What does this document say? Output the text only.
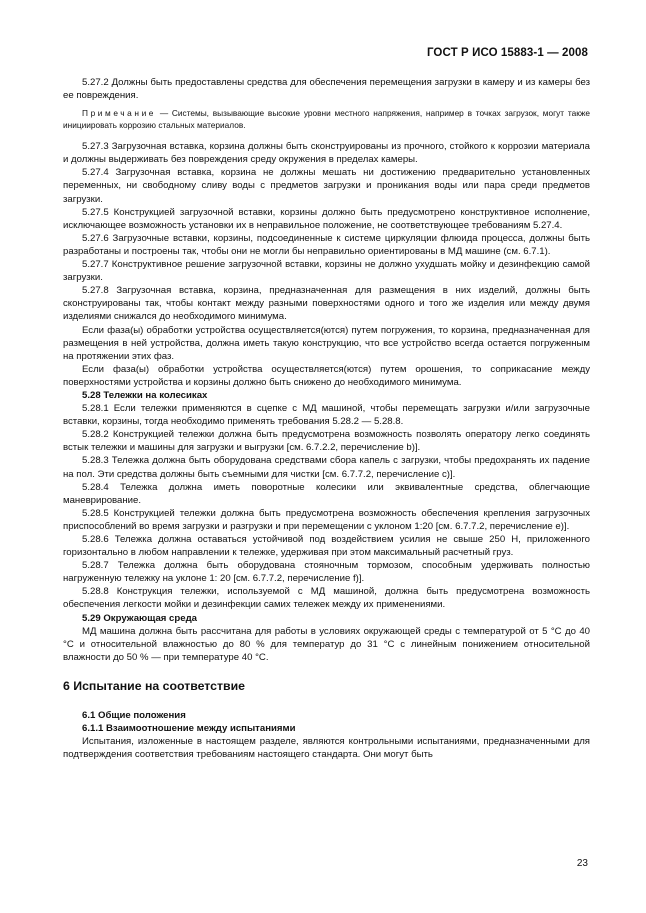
ГОСТ Р ИСО 15883-1 — 2008

5.27.2 Должны быть предоставлены средства для обеспечения перемещения загрузки в камеру и из камеры без ее повреждения.

Примечание — Системы, вызывающие высокие уровни местного напряжения, например в точках загрузок, могут также инициировать коррозию стальных материалов.

5.27.3 Загрузочная вставка, корзина должны быть сконструированы из прочного, стойкого к коррозии материала и должны выдерживать без повреждения среду окружения в пределах камеры.

5.27.4 Загрузочная вставка, корзина не должны мешать ни достижению предварительно установленных переменных, ни свободному сливу воды с предметов загрузки и проникания воды или пара среди предметов загрузки.

5.27.5 Конструкцией загрузочной вставки, корзины должно быть предусмотрено конструктивное исполнение, исключающее возможность установки их в неправильное положение, не соответствующее требованиям 5.27.4.

5.27.6 Загрузочные вставки, корзины, подсоединенные к системе циркуляции флюида процесса, должны быть разработаны и построены так, чтобы они не могли бы неправильно ориентированы в МД машине (см. 6.7.1).

5.27.7 Конструктивное решение загрузочной вставки, корзины не должно ухудшать мойку и дезинфекцию самой загрузки.

5.27.8 Загрузочная вставка, корзина, предназначенная для размещения в них изделий, должны быть сконструированы так, чтобы контакт между разными поверхностями одного и того же изделия или между двумя изделиями снижался до необходимого минимума.

Если фаза(ы) обработки устройства осуществляется(ются) путем погружения, то корзина, предназначенная для размещения в ней устройства, должна иметь такую конструкцию, что все устройство всегда остается погруженным на протяжении этих фаз.

Если фаза(ы) обработки устройства осуществляется(ются) путем орошения, то соприкасание между поверхностями устройства и корзины должно быть снижено до необходимого минимума.

5.28 Тележки на колесиках

5.28.1 Если тележки применяются в сцепке с МД машиной, чтобы перемещать загрузки и/или загрузочные вставки, корзины, тогда необходимо применять требования 5.28.2 — 5.28.8.

5.28.2 Конструкцией тележки должна быть предусмотрена возможность позволять оператору легко соединять встык тележки и машины для загрузки и выгрузки [см. 6.7.2.2, перечисление b)].

5.28.3 Тележка должна быть оборудована средствами сбора капель с загрузки, чтобы предохранять их падение на пол. Эти средства должны быть съемными для чистки [см. 6.7.7.2, перечисление c)].

5.28.4 Тележка должна иметь поворотные колесики или эквивалентные средства, облегчающие маневрирование.

5.28.5 Конструкцией тележки должна быть предусмотрена возможность обеспечения крепления загрузочных приспособлений во время загрузки и разгрузки и при перемещении с уклоном 1:20 [см. 6.7.7.2, перечисление e)].

5.28.6 Тележка должна оставаться устойчивой под воздействием усилия не свыше 250 Н, приложенного горизонтально в любом направлении к тележке, удерживая при этом максимальный расчетный груз.

5.28.7 Тележка должна быть оборудована стояночным тормозом, способным удерживать полностью нагруженную тележку на уклоне 1: 20 [см. 6.7.7.2, перечисление f)].

5.28.8 Конструкция тележки, используемой с МД машиной, должна быть предусмотрена возможность обеспечения легкости мойки и дезинфекции самих тележек между их применениями.

5.29 Окружающая среда

МД машина должна быть рассчитана для работы в условиях окружающей среды с температурой от 5 °С до 40 °С и относительной влажностью до 80 % для температур до 31 °С с линейным понижением относительной влажности до 50 % — при температуре 40 °С.

6 Испытание на соответствие

6.1 Общие положения

6.1.1 Взаимоотношение между испытаниями

Испытания, изложенные в настоящем разделе, являются контрольными испытаниями, предназначенными для подтверждения соответствия требованиям настоящего стандарта. Они могут быть

23
